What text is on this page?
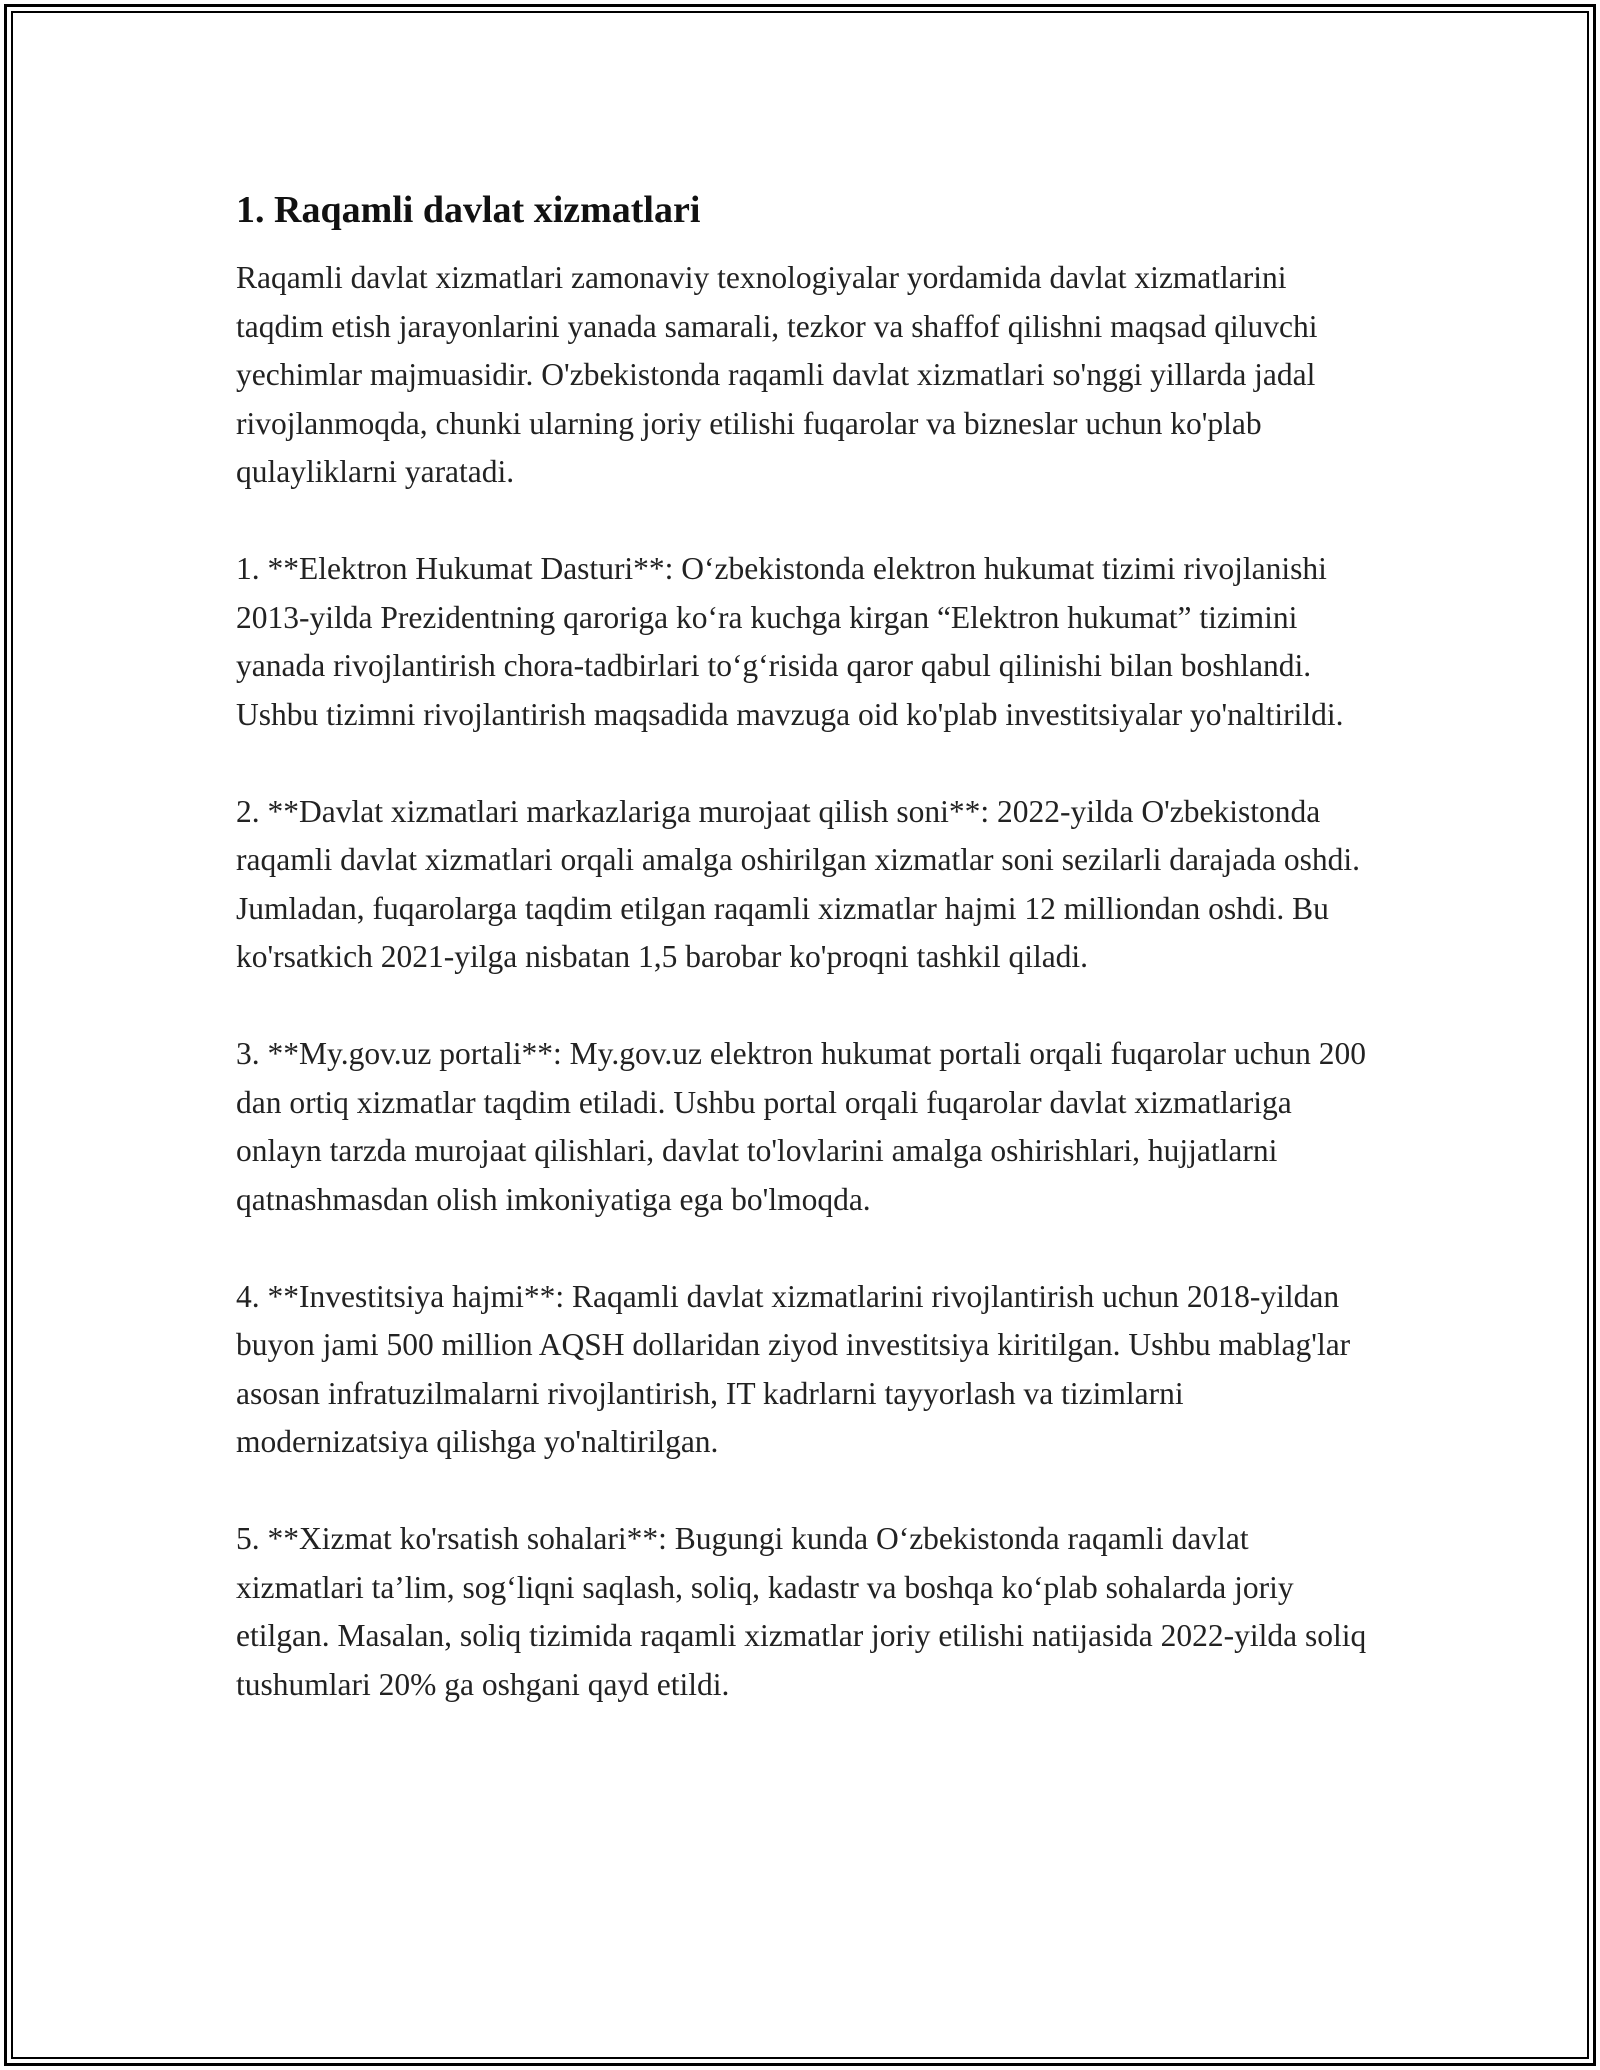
1. Raqamli davlat xizmatlari

Raqamli davlat xizmatlari zamonaviy texnologiyalar yordamida davlat xizmatlarini taqdim etish jarayonlarini yanada samarali, tezkor va shaffof qilishni maqsad qiluvchi yechimlar majmuasidir. O'zbekistonda raqamli davlat xizmatlari so'nggi yillarda jadal rivojlanmoqda, chunki ularning joriy etilishi fuqarolar va bizneslar uchun ko'plab qulayliklarni yaratadi.

1. **Elektron Hukumat Dasturi**: O‘zbekistonda elektron hukumat tizimi rivojlanishi 2013-yilda Prezidentning qaroriga ko‘ra kuchga kirgan “Elektron hukumat” tizimini yanada rivojlantirish chora-tadbirlari to‘g‘risida qaror qabul qilinishi bilan boshlandi. Ushbu tizimni rivojlantirish maqsadida mavzuga oid ko'plab investitsiyalar yo'naltirildi.

2. **Davlat xizmatlari markazlariga murojaat qilish soni**: 2022-yilda O'zbekistonda raqamli davlat xizmatlari orqali amalga oshirilgan xizmatlar soni sezilarli darajada oshdi. Jumladan, fuqarolarga taqdim etilgan raqamli xizmatlar hajmi 12 milliondan oshdi. Bu ko'rsatkich 2021-yilga nisbatan 1,5 barobar ko'proqni tashkil qiladi.

3. **My.gov.uz portali**: My.gov.uz elektron hukumat portali orqali fuqarolar uchun 200 dan ortiq xizmatlar taqdim etiladi. Ushbu portal orqali fuqarolar davlat xizmatlariga onlayn tarzda murojaat qilishlari, davlat to'lovlarini amalga oshirishlari, hujjatlarni qatnashmasdan olish imkoniyatiga ega bo'lmoqda.

4. **Investitsiya hajmi**: Raqamli davlat xizmatlarini rivojlantirish uchun 2018-yildan buyon jami 500 million AQSH dollaridan ziyod investitsiya kiritilgan. Ushbu mablag'lar asosan infratuzilmalarni rivojlantirish, IT kadrlarni tayyorlash va tizimlarni modernizatsiya qilishga yo'naltirilgan.

5. **Xizmat ko'rsatish sohalari**: Bugungi kunda O‘zbekistonda raqamli davlat xizmatlari ta’lim, sog‘liqni saqlash, soliq, kadastr va boshqa ko‘plab sohalarda joriy etilgan. Masalan, soliq tizimida raqamli xizmatlar joriy etilishi natijasida 2022-yilda soliq tushumlari 20% ga oshgani qayd etildi.
